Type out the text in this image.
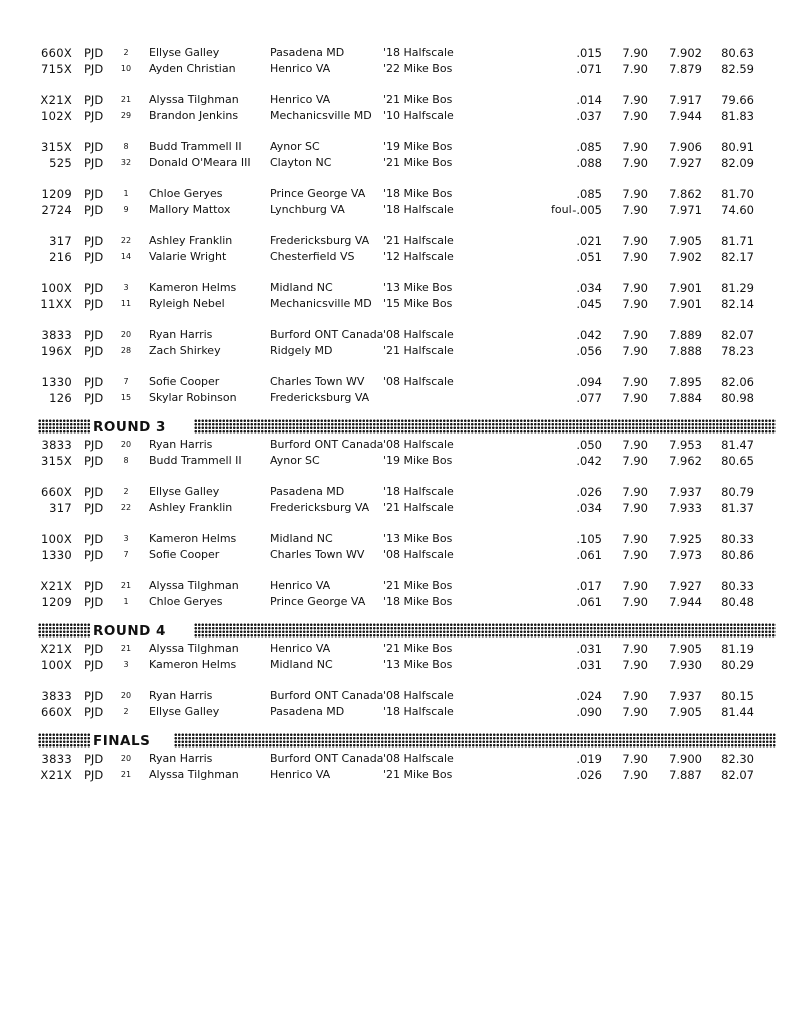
660X PJD	2	Ellyse Galley	Pasadena MD	'18 Halfscale	.015	7.90	7.902	80.63
715X PJD	10 Ayden Christian	Henrico VA	'22 Mike Bos	.071	7.90	7.879	82.59
X21X PJD	21 Alyssa Tilghman	Henrico VA	'21 Mike Bos	.014	7.90	7.917	79.66
102X PJD	29 Brandon Jenkins	Mechanicsville MD '10 Halfscale	.037	7.90	7.944	81.83
315X PJD	8	Budd Trammell II	Aynor SC	'19 Mike Bos	.085	7.90	7.906	80.91
525 PJD	32 Donald O'Meara III Clayton NC	'21 Mike Bos	.088	7.90	7.927	82.09
1209 PJD	1	Chloe Geryes	Prince George VA '18 Mike Bos	.085	7.90	7.862	81.70
2724 PJD	9	Mallory Mattox	Lynchburg VA	'18 Halfscale	foul -.005	7.90	7.971	74.60
317 PJD	22 Ashley Franklin	Fredericksburg VA '21 Halfscale	.021	7.90	7.905	81.71
216 PJD	14 Valarie Wright	Chesterfield VS	'12 Halfscale	.051	7.90	7.902	82.17
100X PJD	3	Kameron Helms	Midland NC	'13 Mike Bos	.034	7.90	7.901	81.29
11XX PJD	11 Ryleigh Nebel	Mechanicsville MD '15 Mike Bos	.045	7.90	7.901	82.14
3833 PJD	20 Ryan Harris	Burford ONT Canada '08 Halfscale	.042	7.90	7.889	82.07
196X PJD	28 Zach Shirkey	Ridgely MD	'21 Halfscale	.056	7.90	7.888	78.23
1330 PJD	7	Sofie Cooper	Charles Town WV '08 Halfscale	.094	7.90	7.895	82.06
126 PJD	15 Skylar Robinson	Fredericksburg VA	.077	7.90	7.884	80.98
ROUND 3
3833 PJD	20 Ryan Harris	Burford ONT Canada '08 Halfscale	.050	7.90	7.953	81.47
315X PJD	8	Budd Trammell II	Aynor SC	'19 Mike Bos	.042	7.90	7.962	80.65
660X PJD	2	Ellyse Galley	Pasadena MD	'18 Halfscale	.026	7.90	7.937	80.79
317 PJD	22 Ashley Franklin	Fredericksburg VA '21 Halfscale	.034	7.90	7.933	81.37
100X PJD	3	Kameron Helms	Midland NC	'13 Mike Bos	.105	7.90	7.925	80.33
1330 PJD	7	Sofie Cooper	Charles Town WV '08 Halfscale	.061	7.90	7.973	80.86
X21X PJD	21 Alyssa Tilghman	Henrico VA	'21 Mike Bos	.017	7.90	7.927	80.33
1209 PJD	1	Chloe Geryes	Prince George VA '18 Mike Bos	.061	7.90	7.944	80.48
ROUND 4
X21X PJD	21 Alyssa Tilghman	Henrico VA	'21 Mike Bos	.031	7.90	7.905	81.19
100X PJD	3	Kameron Helms	Midland NC	'13 Mike Bos	.031	7.90	7.930	80.29
3833 PJD	20 Ryan Harris	Burford ONT Canada '08 Halfscale	.024	7.90	7.937	80.15
660X PJD	2	Ellyse Galley	Pasadena MD	'18 Halfscale	.090	7.90	7.905	81.44
FINALS
3833 PJD	20 Ryan Harris	Burford ONT Canada '08 Halfscale	.019	7.90	7.900	82.30
X21X PJD	21 Alyssa Tilghman	Henrico VA	'21 Mike Bos	.026	7.90	7.887	82.07
